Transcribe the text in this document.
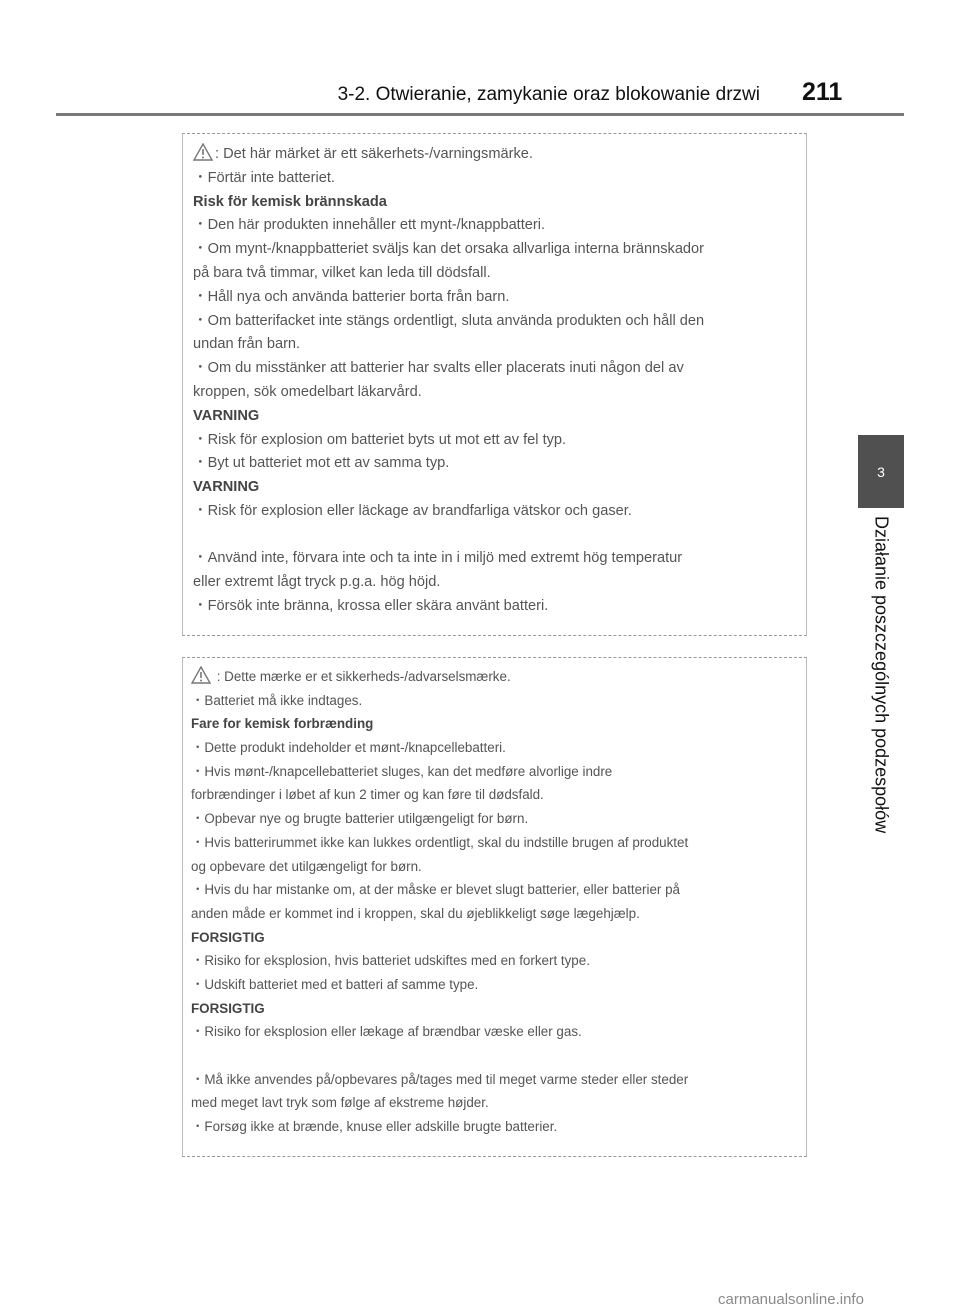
3-2. Otwieranie, zamykanie oraz blokowanie drzwi 211
3
Działanie poszczególnych podzespołów
: Det här märket är ett säkerhets-/varningsmärke.
・Förtär inte batteriet.
Risk för kemisk brännskada
・Den här produkten innehåller ett mynt-/knappbatteri.
・Om mynt-/knappbatteriet sväljs kan det orsaka allvarliga interna brännskador
på bara två timmar, vilket kan leda till dödsfall.
・Håll nya och använda batterier borta från barn.
・Om batterifacket inte stängs ordentligt, sluta använda produkten och håll den
undan från barn.
・Om du misstänker att batterier har svalts eller placerats inuti någon del av
kroppen, sök omedelbart läkarvård.
VARNING
・Risk för explosion om batteriet byts ut mot ett av fel typ.
・Byt ut batteriet mot ett av samma typ.
VARNING
・Risk för explosion eller läckage av brandfarliga vätskor och gaser.
・Använd inte, förvara inte och ta inte in i miljö med extremt hög temperatur
eller extremt lågt tryck p.g.a. hög höjd.
・Försök inte bränna, krossa eller skära använt batteri.
: Dette mærke er et sikkerheds-/advarselsmærke.
・Batteriet må ikke indtages.
Fare for kemisk forbrænding
・Dette produkt indeholder et mønt-/knapcellebatteri.
・Hvis mønt-/knapcellebatteriet sluges, kan det medføre alvorlige indre
forbrændinger i løbet af kun 2 timer og kan føre til dødsfald.
・Opbevar nye og brugte batterier utilgængeligt for børn.
・Hvis batterirummet ikke kan lukkes ordentligt, skal du indstille brugen af produktet
og opbevare det utilgængeligt for børn.
・Hvis du har mistanke om, at der måske er blevet slugt batterier, eller batterier på
anden måde er kommet ind i kroppen, skal du øjeblikkeligt søge lægehjælp.
FORSIGTIG
・Risiko for eksplosion, hvis batteriet udskiftes med en forkert type.
・Udskift batteriet med et batteri af samme type.
FORSIGTIG
・Risiko for eksplosion eller lækage af brændbar væske eller gas.
・Må ikke anvendes på/opbevares på/tages med til meget varme steder eller steder
med meget lavt tryk som følge af ekstreme højder.
・Forsøg ikke at brænde, knuse eller adskille brugte batterier.
carmanualsonline.info
